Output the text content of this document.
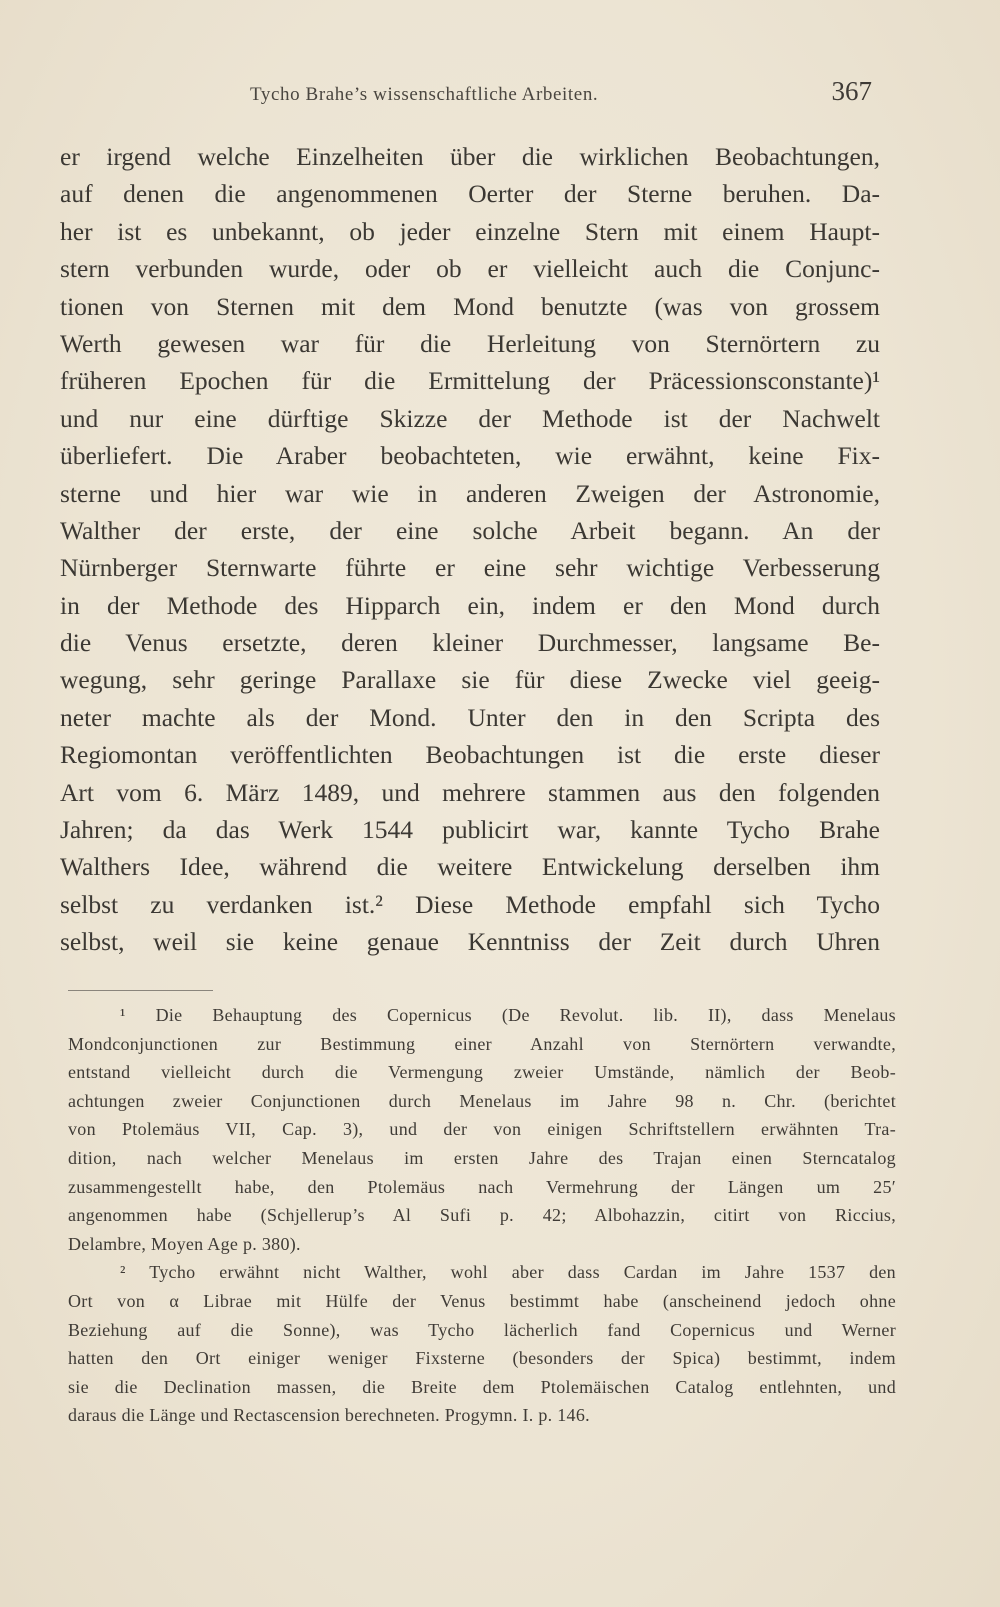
Tycho Brahe’s wissenschaftliche Arbeiten.	367
er irgend welche Einzelheiten über die wirklichen Beobachtungen,
auf denen die angenommenen Oerter der Sterne beruhen. Da-
her ist es unbekannt, ob jeder einzelne Stern mit einem Haupt-
stern verbunden wurde, oder ob er vielleicht auch die Conjunc-
tionen von Sternen mit dem Mond benutzte (was von grossem
Werth gewesen war für die Herleitung von Sternörtern zu
früheren Epochen für die Ermittelung der Präcessionsconstante)¹
und nur eine dürftige Skizze der Methode ist der Nachwelt
überliefert. Die Araber beobachteten, wie erwähnt, keine Fix-
sterne und hier war wie in anderen Zweigen der Astronomie,
Walther der erste, der eine solche Arbeit begann. An der
Nürnberger Sternwarte führte er eine sehr wichtige Verbesserung
in der Methode des Hipparch ein, indem er den Mond durch
die Venus ersetzte, deren kleiner Durchmesser, langsame Be-
wegung, sehr geringe Parallaxe sie für diese Zwecke viel geeig-
neter machte als der Mond. Unter den in den Scripta des
Regiomontan veröffentlichten Beobachtungen ist die erste dieser
Art vom 6. März 1489, und mehrere stammen aus den folgenden
Jahren; da das Werk 1544 publicirt war, kannte Tycho Brahe
Walthers Idee, während die weitere Entwickelung derselben ihm
selbst zu verdanken ist.² Diese Methode empfahl sich Tycho
selbst, weil sie keine genaue Kenntniss der Zeit durch Uhren
¹ Die Behauptung des Copernicus (De Revolut. lib. II), dass Menelaus
Mondconjunctionen zur Bestimmung einer Anzahl von Sternörtern verwandte,
entstand vielleicht durch die Vermengung zweier Umstände, nämlich der Beob-
achtungen zweier Conjunctionen durch Menelaus im Jahre 98 n. Chr. (berichtet
von Ptolemäus VII, Cap. 3), und der von einigen Schriftstellern erwähnten Tra-
dition, nach welcher Menelaus im ersten Jahre des Trajan einen Sterncatalog
zusammengestellt habe, den Ptolemäus nach Vermehrung der Längen um 25′
angenommen habe (Schjellerup’s Al Sufi p. 42; Albohazzin, citirt von Riccius,
Delambre, Moyen Age p. 380).
² Tycho erwähnt nicht Walther, wohl aber dass Cardan im Jahre 1537 den
Ort von α Librae mit Hülfe der Venus bestimmt habe (anscheinend jedoch ohne
Beziehung auf die Sonne), was Tycho lächerlich fand Copernicus und Werner
hatten den Ort einiger weniger Fixsterne (besonders der Spica) bestimmt, indem
sie die Declination massen, die Breite dem Ptolemäischen Catalog entlehnten, und
daraus die Länge und Rectascension berechneten. Progymn. I. p. 146.
